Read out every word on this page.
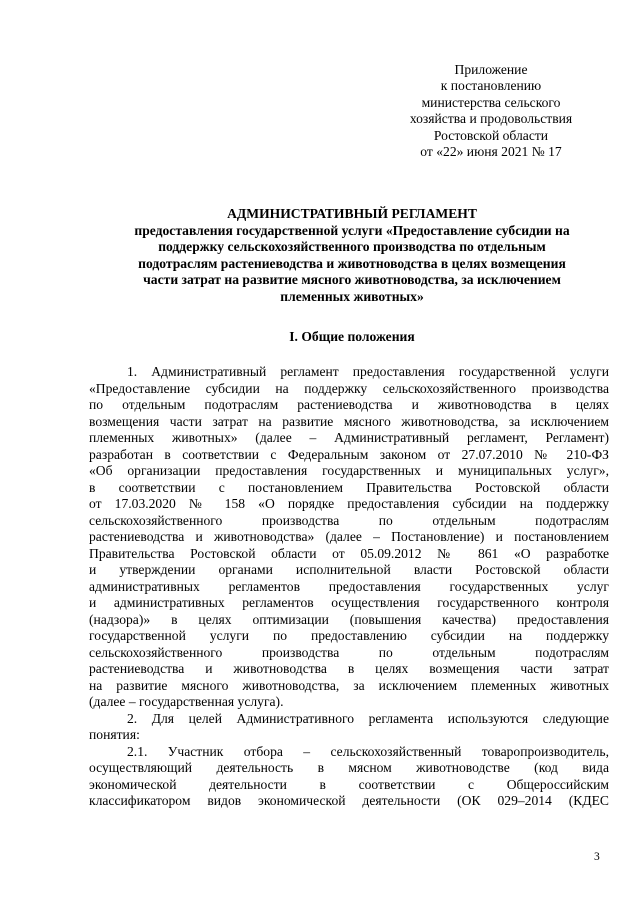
Приложение
к постановлению
министерства сельского
хозяйства и продовольствия
Ростовской области
от «22» июня 2021 № 17
АДМИНИСТРАТИВНЫЙ РЕГЛАМЕНТ
предоставления государственной услуги «Предоставление субсидии на
поддержку сельскохозяйственного производства по отдельным
подотраслям растениеводства и животноводства в целях возмещения
части затрат на развитие мясного животноводства, за исключением
племенных животных»
I. Общие положения
1. Административный регламент предоставления государственной услуги
«Предоставление субсидии на поддержку сельскохозяйственного производства
по отдельным подотраслям растениеводства и животноводства в целях
возмещения части затрат на развитие мясного животноводства, за исключением
племенных животных» (далее – Административный регламент, Регламент)
разработан в соответствии с Федеральным законом от 27.07.2010 № 210-ФЗ
«Об организации предоставления государственных и муниципальных услуг»,
в соответствии с постановлением Правительства Ростовской области
от 17.03.2020 № 158 «О порядке предоставления субсидии на поддержку
сельскохозяйственного производства по отдельным подотраслям
растениеводства и животноводства» (далее – Постановление) и постановлением
Правительства Ростовской области от 05.09.2012 № 861 «О разработке
и утверждении органами исполнительной власти Ростовской области
административных регламентов предоставления государственных услуг
и административных регламентов осуществления государственного контроля
(надзора)» в целях оптимизации (повышения качества) предоставления
государственной услуги по предоставлению субсидии на поддержку
сельскохозяйственного производства по отдельным подотраслям
растениеводства и животноводства в целях возмещения части затрат
на развитие мясного животноводства, за исключением племенных животных
(далее – государственная услуга).
2. Для целей Административного регламента используются следующие
понятия:
2.1. Участник отбора – сельскохозяйственный товаропроизводитель,
осуществляющий деятельность в мясном животноводстве (код вида
экономической деятельности в соответствии с Общероссийским
классификатором видов экономической деятельности (ОК 029–2014 (КДЕС
3
